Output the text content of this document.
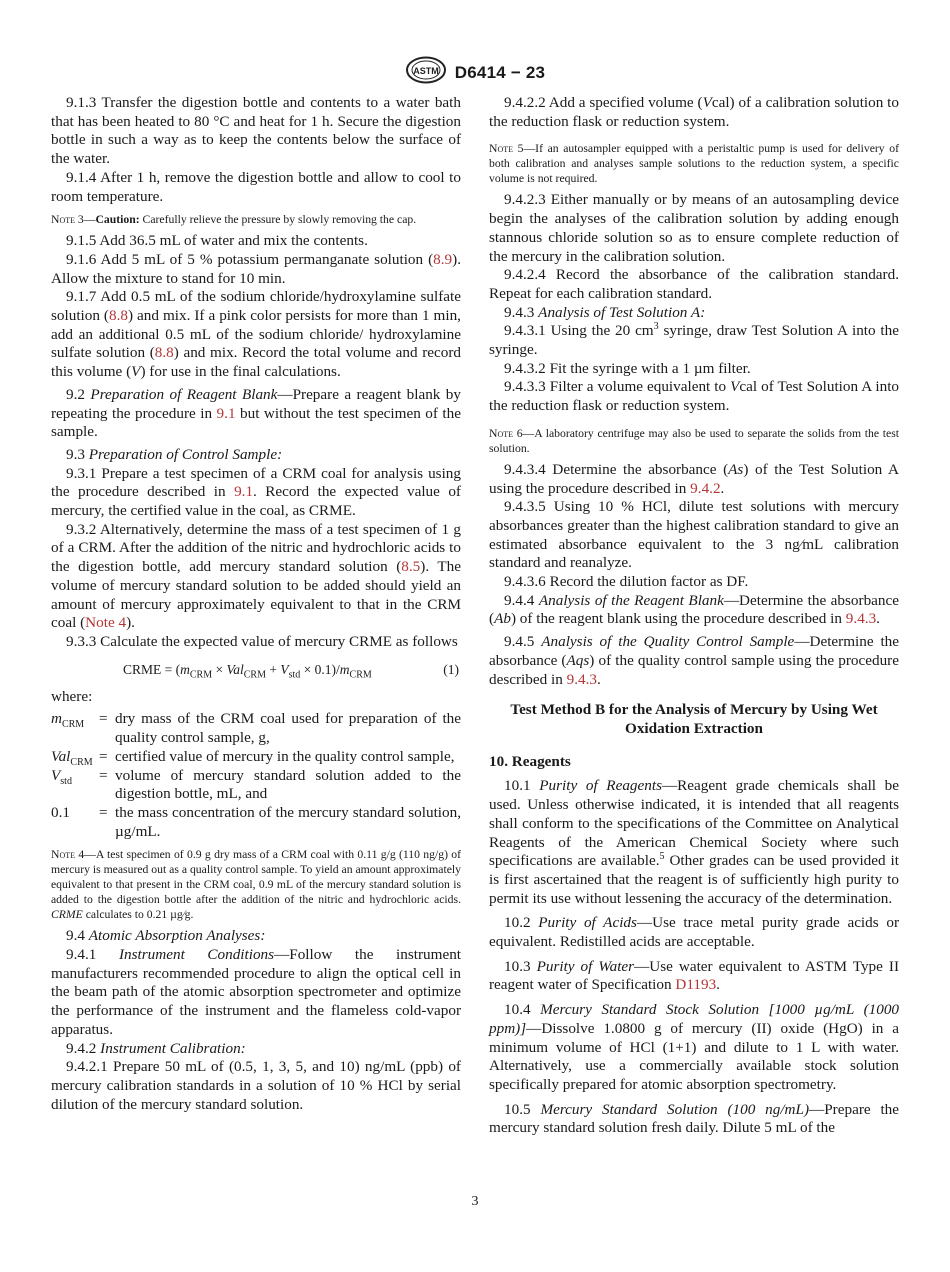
ASTM D6414 − 23

9.1.3 Transfer the digestion bottle and contents to a water bath that has been heated to 80 °C and heat for 1 h. Secure the digestion bottle in such a way as to keep the contents below the surface of the water.

9.1.4 After 1 h, remove the digestion bottle and allow to cool to room temperature.

Note 3—Caution: Carefully relieve the pressure by slowly removing the cap.

9.1.5 Add 36.5 mL of water and mix the contents.

9.1.6 Add 5 mL of 5 % potassium permanganate solution (8.9). Allow the mixture to stand for 10 min.

9.1.7 Add 0.5 mL of the sodium chloride/hydroxylamine sulfate solution (8.8) and mix. If a pink color persists for more than 1 min, add an additional 0.5 mL of the sodium chloride/ hydroxylamine sulfate solution (8.8) and mix. Record the total volume and record this volume (V) for use in the final calculations.

9.2 Preparation of Reagent Blank—Prepare a reagent blank by repeating the procedure in 9.1 but without the test specimen of the sample.

9.3 Preparation of Control Sample:

9.3.1 Prepare a test specimen of a CRM coal for analysis using the procedure described in 9.1. Record the expected value of mercury, the certified value in the coal, as CRME.

9.3.2 Alternatively, determine the mass of a test specimen of 1 g of a CRM. After the addition of the nitric and hydrochloric acids to the digestion bottle, add mercury standard solution (8.5). The volume of mercury standard solution to be added should yield an amount of mercury approximately equivalent to that in the CRM coal (Note 4).

9.3.3 Calculate the expected value of mercury CRME as follows

CRME = $(m_{CRM} \times Val_{CRM} + V_{std} \times 0.1)/m_{CRM}$	(1)

where:

$m_{CRM}$ = dry mass of the CRM coal used for preparation of the quality control sample, g,
Val$_{CRM}$ = certified value of mercury in the quality control sample,
$V_{std}$	= volume of mercury standard solution added to the digestion bottle, mL, and
0.1	= the mass concentration of the mercury standard solution, µg/mL.

Note 4—A test specimen of 0.9 g dry mass of a CRM coal with 0.11 g/g (110 ng/g) of mercury is measured out as a quality control sample. To yield an amount approximately equivalent to that present in the CRM coal, 0.9 mL of the mercury standard solution is added to the digestion bottle after the addition of the nitric and hydrochloric acids. CRME calculates to 0.21 µg⁄g.

9.4 Atomic Absorption Analyses:

9.4.1 Instrument Conditions—Follow the instrument manufacturers recommended procedure to align the optical cell in the beam path of the atomic absorption spectrometer and optimize the performance of the instrument and the flameless cold-vapor apparatus.

9.4.2 Instrument Calibration:

9.4.2.1 Prepare 50 mL of (0.5, 1, 3, 5, and 10) ng/mL (ppb) of mercury calibration standards in a solution of 10 % HCl by serial dilution of the mercury standard solution.

9.4.2.2 Add a specified volume (Vcal) of a calibration solution to the reduction flask or reduction system.

Note 5—If an autosampler equipped with a peristaltic pump is used for delivery of both calibration and analyses sample solutions to the reduction system, a specific volume is not required.

9.4.2.3 Either manually or by means of an autosampling device begin the analyses of the calibration solution by adding enough stannous chloride solution so as to ensure complete reduction of the mercury in the calibration solution.

9.4.2.4 Record the absorbance of the calibration standard. Repeat for each calibration standard.

9.4.3 Analysis of Test Solution A:

9.4.3.1 Using the 20 $cm^3$ syringe, draw Test Solution A into the syringe.

9.4.3.2 Fit the syringe with a 1 µm filter.

9.4.3.3 Filter a volume equivalent to Vcal of Test Solution A into the reduction flask or reduction system.

Note 6—A laboratory centrifuge may also be used to separate the solids from the test solution.

9.4.3.4 Determine the absorbance (As) of the Test Solution A using the procedure described in 9.4.2.

9.4.3.5 Using 10 % HCl, dilute test solutions with mercury absorbances greater than the highest calibration standard to give an estimated absorbance equivalent to the 3 ng⁄mL calibration standard and reanalyze.

9.4.3.6 Record the dilution factor as DF.

9.4.4 Analysis of the Reagent Blank—Determine the absorbance (Ab) of the reagent blank using the procedure described in 9.4.3.

9.4.5 Analysis of the Quality Control Sample—Determine the absorbance (Aqs) of the quality control sample using the procedure described in 9.4.3.

Test Method B for the Analysis of Mercury by Using Wet Oxidation Extraction

10. Reagents

10.1 Purity of Reagents—Reagent grade chemicals shall be used. Unless otherwise indicated, it is intended that all reagents shall conform to the specifications of the Committee on Analytical Reagents of the American Chemical Society where such specifications are available.$^5$ Other grades can be used provided it is first ascertained that the reagent is of sufficiently high purity to permit its use without lessening the accuracy of the determination.

10.2 Purity of Acids—Use trace metal purity grade acids or equivalent. Redistilled acids are acceptable.

10.3 Purity of Water—Use water equivalent to ASTM Type II reagent water of Specification D1193.

10.4 Mercury Standard Stock Solution [1000 µg/mL (1000 ppm)]—Dissolve 1.0800 g of mercury (II) oxide (HgO) in a minimum volume of HCl (1+1) and dilute to 1 L with water. Alternatively, use a commercially available stock solution specifically prepared for atomic absorption spectrometry.

10.5 Mercury Standard Solution (100 ng/mL)—Prepare the mercury standard solution fresh daily. Dilute 5 mL of the

3
